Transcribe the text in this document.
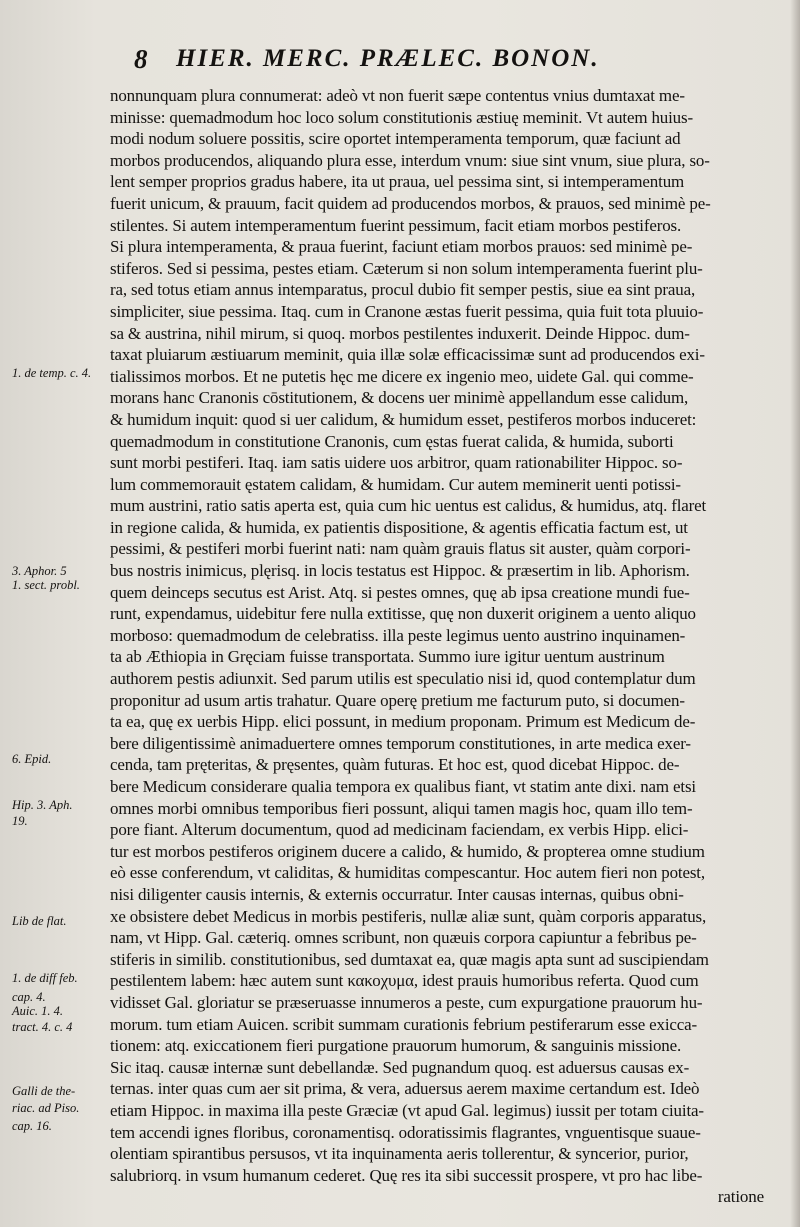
8 HIER. MERC. PRÆLEC. BONON.
nonnunquam plura connumerat: adeò vt non fuerit sæpe contentus vnius dumtaxat me-
minisse: quemadmodum hoc loco solum constitutionis æstiuę meminit. Vt autem huius-
modi nodum soluere possitis, scire oportet intemperamenta temporum, quæ faciunt ad
morbos producendos, aliquando plura esse, interdum vnum: siue sint vnum, siue plura, so-
lent semper proprios gradus habere, ita ut praua, uel pessima sint, si intemperamentum
fuerit unicum, & prauum, facit quidem ad producendos morbos, & prauos, sed minimè pe-
stilentes. Si autem intemperamentum fuerint pessimum, facit etiam morbos pestiferos.
Si plura intemperamenta, & praua fuerint, faciunt etiam morbos prauos: sed minimè pe-
stiferos. Sed si pessima, pestes etiam. Cæterum si non solum intemperamenta fuerint plu-
ra, sed totus etiam annus intemparatus, procul dubio fit semper pestis, siue ea sint praua,
simpliciter, siue pessima. Itaq. cum in Cranone æstas fuerit pessima, quia fuit tota pluuio-
sa & austrina, nihil mirum, si quoq. morbos pestilentes induxerit. Deinde Hippoc. dum-
taxat pluiarum æstiuarum meminit, quia illæ solæ efficacissimæ sunt ad producendos exi-
tialissimos morbos. Et ne putetis hęc me dicere ex ingenio meo, uidete Gal. qui comme-
morans hanc Cranonis cōstitutionem, & docens uer minimè appellandum esse calidum,
& humidum inquit: quod si uer calidum, & humidum esset, pestiferos morbos induceret:
quemadmodum in constitutione Cranonis, cum ęstas fuerat calida, & humida, suborti
sunt morbi pestiferi. Itaq. iam satis uidere uos arbitror, quam rationabiliter Hippoc. so-
lum commemorauit ęstatem calidam, & humidam. Cur autem meminerit uenti potissi-
mum austrini, ratio satis aperta est, quia cum hic uentus est calidus, & humidus, atq. flaret
in regione calida, & humida, ex patientis dispositione, & agentis efficatia factum est, ut
pessimi, & pestiferi morbi fuerint nati: nam quàm grauis flatus sit auster, quàm corpori-
bus nostris inimicus, plęrisq. in locis testatus est Hippoc. & præsertim in lib. Aphorism.
quem deinceps secutus est Arist. Atq. si pestes omnes, quę ab ipsa creatione mundi fue-
runt, expendamus, uidebitur fere nulla extitisse, quę non duxerit originem a uento aliquo
morboso: quemadmodum de celebratiss. illa peste legimus uento austrino inquinamen-
ta ab Æthiopia in Gręciam fuisse transportata. Summo iure igitur uentum austrinum
authorem pestis adiunxit. Sed parum utilis est speculatio nisi id, quod contemplatur dum
proponitur ad usum artis trahatur. Quare operę pretium me facturum puto, si documen-
ta ea, quę ex uerbis Hipp. elici possunt, in medium proponam. Primum est Medicum de-
bere diligentissimè animaduertere omnes temporum constitutiones, in arte medica exer-
cenda, tam pręteritas, & pręsentes, quàm futuras. Et hoc est, quod dicebat Hippoc. de-
bere Medicum considerare qualia tempora ex qualibus fiant, vt statim ante dixi. nam etsi
omnes morbi omnibus temporibus fieri possunt, aliqui tamen magis hoc, quam illo tem-
pore fiant. Alterum documentum, quod ad medicinam faciendam, ex verbis Hipp. elici-
tur est morbos pestiferos originem ducere a calido, & humido, & propterea omne studium
eò esse conferendum, vt caliditas, & humiditas compescantur. Hoc autem fieri non potest,
nisi diligenter causis internis, & externis occurratur. Inter causas internas, quibus obni-
xe obsistere debet Medicus in morbis pestiferis, nullæ aliæ sunt, quàm corporis apparatus,
nam, vt Hipp. Gal. cæteriq. omnes scribunt, non quæuis corpora capiuntur a febribus pe-
stiferis in similib. constitutionibus, sed dumtaxat ea, quæ magis apta sunt ad suscipiendam
pestilentem labem: hæc autem sunt κακοχυμα, idest prauis humoribus referta. Quod cum
vidisset Gal. gloriatur se præseruasse innumeros a peste, cum expurgatione prauorum hu-
morum. tum etiam Auicen. scribit summam curationis febrium pestiferarum esse exicca-
tionem: atq. exiccationem fieri purgatione prauorum humorum, & sanguinis missione.
Sic itaq. causæ internæ sunt debellandæ. Sed pugnandum quoq. est aduersus causas ex-
ternas. inter quas cum aer sit prima, & vera, aduersus aerem maxime certandum est. Ideò
etiam Hippoc. in maxima illa peste Græciæ (vt apud Gal. legimus) iussit per totam ciuita-
tem accendi ignes floribus, coronamentisq. odoratissimis flagrantes, vnguentisque suaue-
olentiam spirantibus persusos, vt ita inquinamenta aeris tollerentur, & syncerior, purior,
salubriorq. in vsum humanum cederet. Quę res ita sibi successit prospere, vt pro hac libe-
ratione
1. de temp. c. 4.
3. Aphor. 5
1. sect. probl.
6. Epid.
Hip. 3. Aph.
19.
Lib de flat.
1. de diff feb.
cap. 4.
Auic. 1. 4.
tract. 4. c. 4
Galli de the-
riac. ad Piso.
cap. 16.
